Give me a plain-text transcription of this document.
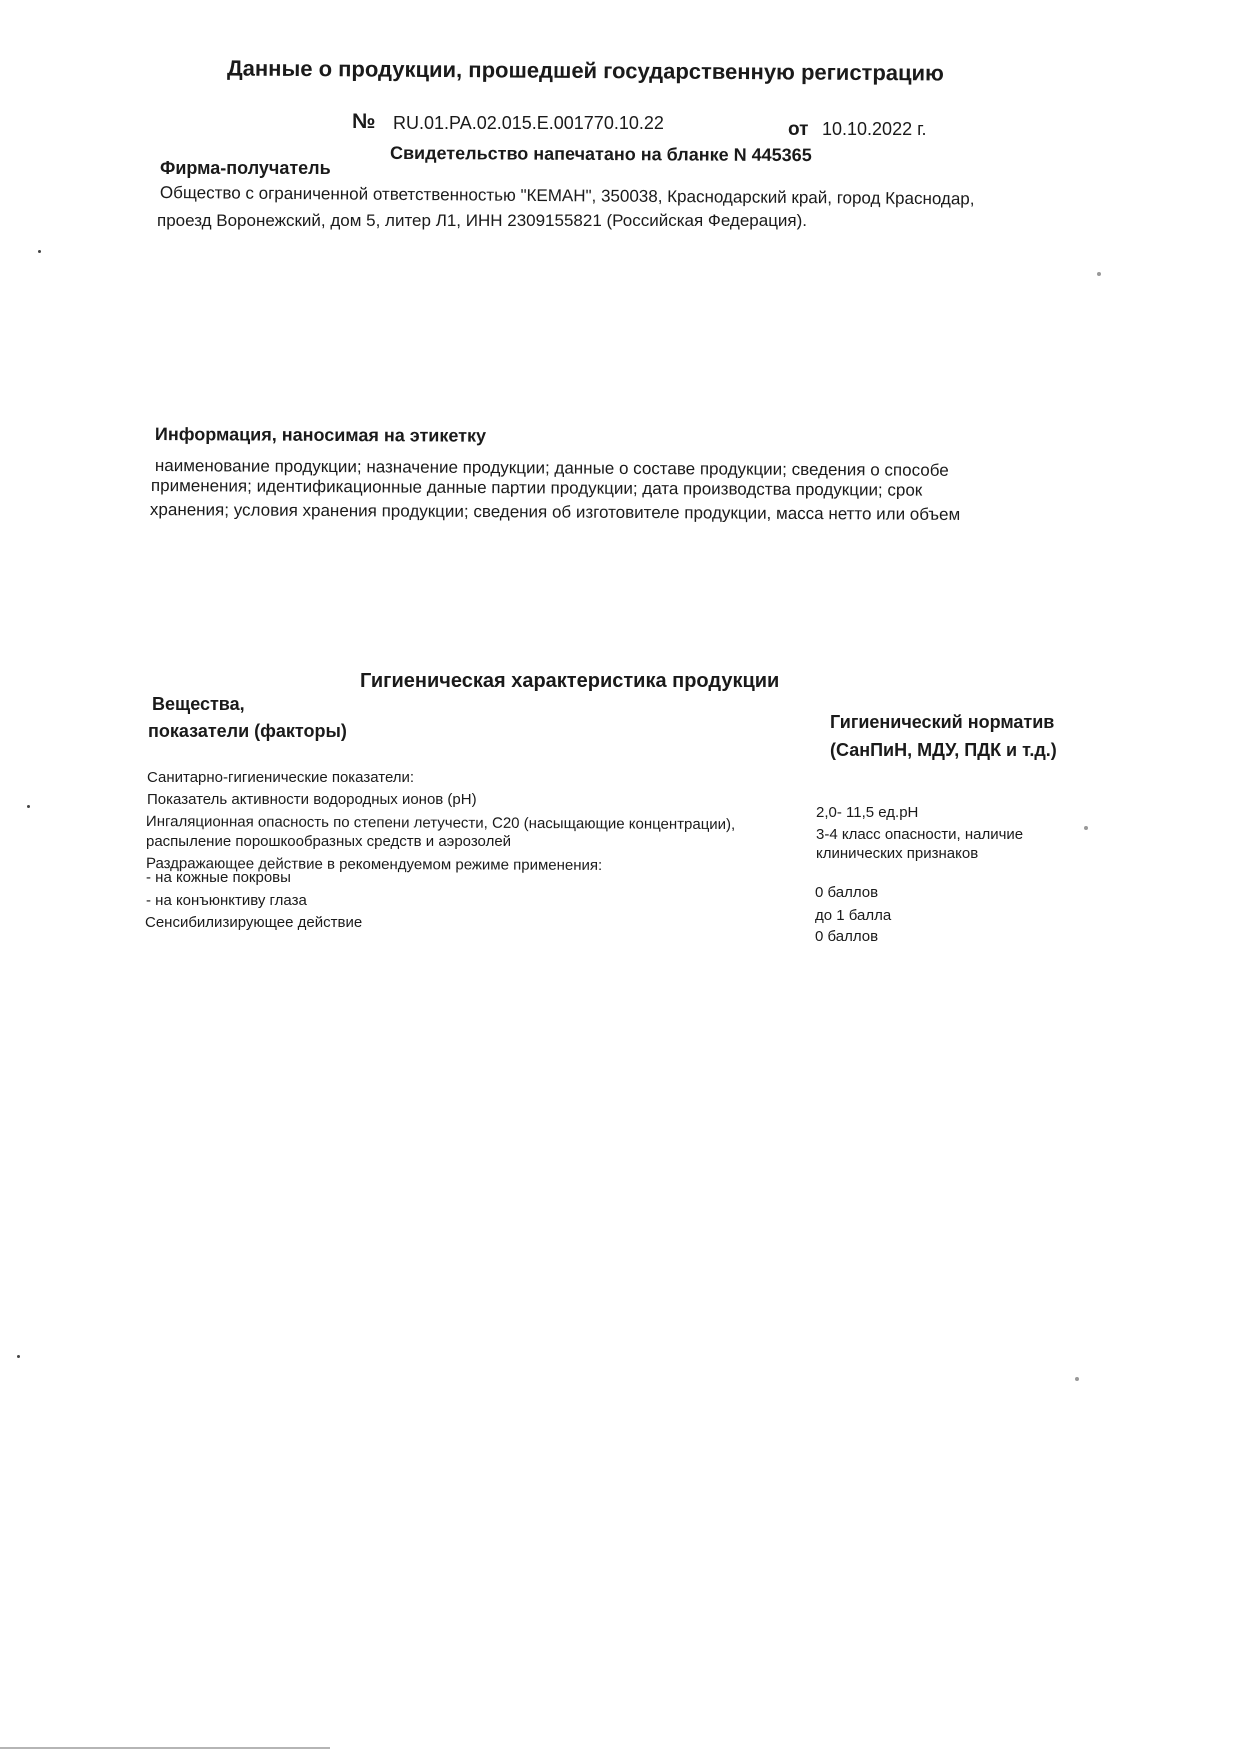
Данные о продукции, прошедшей государственную регистрацию
№ RU.01.PA.02.015.E.001770.10.22	от 10.10.2022 г.
Свидетельство напечатано на бланке N 445365
Фирма-получатель
Общество с ограниченной ответственностью "КЕМАН", 350038, Краснодарский край, город Краснодар,
проезд Воронежский, дом 5, литер Л1, ИНН 2309155821 (Российская Федерация).
Информация, наносимая на этикетку
наименование продукции; назначение продукции; данные о составе продукции; сведения о способе
применения; идентификационные данные партии продукции; дата производства продукции; срок
хранения; условия хранения продукции; сведения об изготовителе продукции, масса нетто или объем
Гигиеническая характеристика продукции
Вещества,
показатели (факторы)	Гигиенический норматив
(СанПиН, МДУ, ПДК и т.д.)
Санитарно-гигиенические показатели:
Показатель активности водородных ионов (pH)
Ингаляционная опасность по степени летучести, С20 (насыщающие концентрации),
распыление порошкообразных средств и аэрозолей
Раздражающее действие в рекомендуемом режиме применения:
- на кожные покровы
- на конъюнктиву глаза
Сенсибилизирующее действие
2,0- 11,5 ед.pH
3-4 класс опасности, наличие
клинических признаков
0 баллов
до 1 балла
0 баллов
